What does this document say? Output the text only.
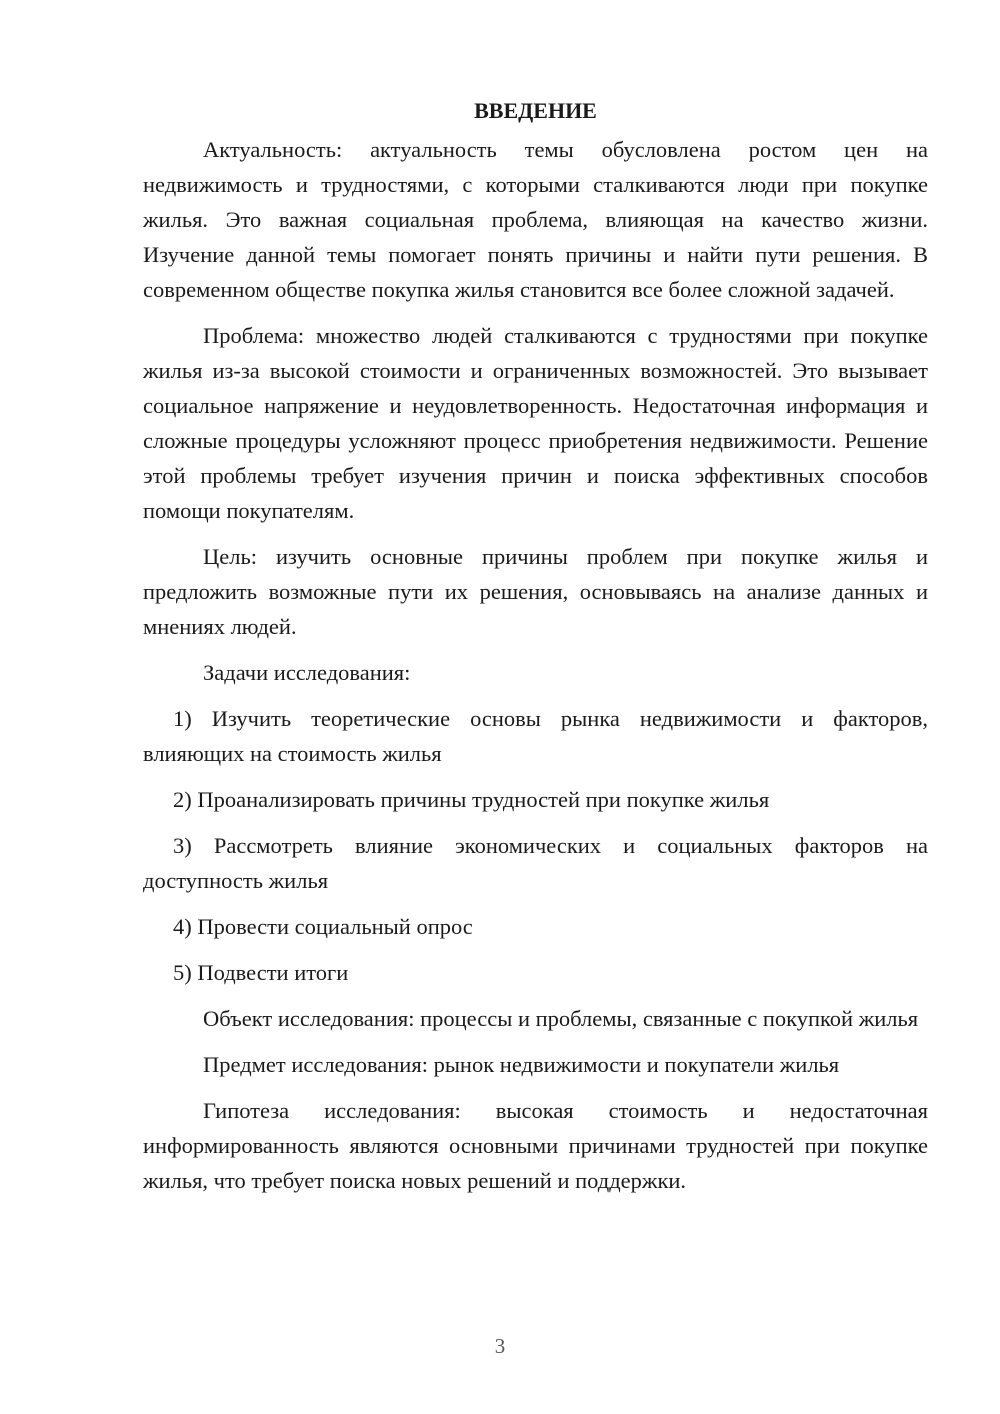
ВВЕДЕНИЕ

Актуальность: актуальность темы обусловлена ростом цен на недвижимость и трудностями, с которыми сталкиваются люди при покупке жилья. Это важная социальная проблема, влияющая на качество жизни. Изучение данной темы помогает понять причины и найти пути решения. В современном обществе покупка жилья становится все более сложной задачей.

Проблема: множество людей сталкиваются с трудностями при покупке жилья из-за высокой стоимости и ограниченных возможностей. Это вызывает социальное напряжение и неудовлетворенность. Недостаточная информация и сложные процедуры усложняют процесс приобретения недвижимости. Решение этой проблемы требует изучения причин и поиска эффективных способов помощи покупателям.

Цель: изучить основные причины проблем при покупке жилья и предложить возможные пути их решения, основываясь на анализе данных и мнениях людей.

Задачи исследования:

1) Изучить теоретические основы рынка недвижимости и факторов, влияющих на стоимость жилья

2) Проанализировать причины трудностей при покупке жилья

3) Рассмотреть влияние экономических и социальных факторов на доступность жилья

4) Провести социальный опрос

5) Подвести итоги

Объект исследования: процессы и проблемы, связанные с покупкой жилья

Предмет исследования: рынок недвижимости и покупатели жилья

Гипотеза исследования: высокая стоимость и недостаточная информированность являются основными причинами трудностей при покупке жилья, что требует поиска новых решений и поддержки.

3
